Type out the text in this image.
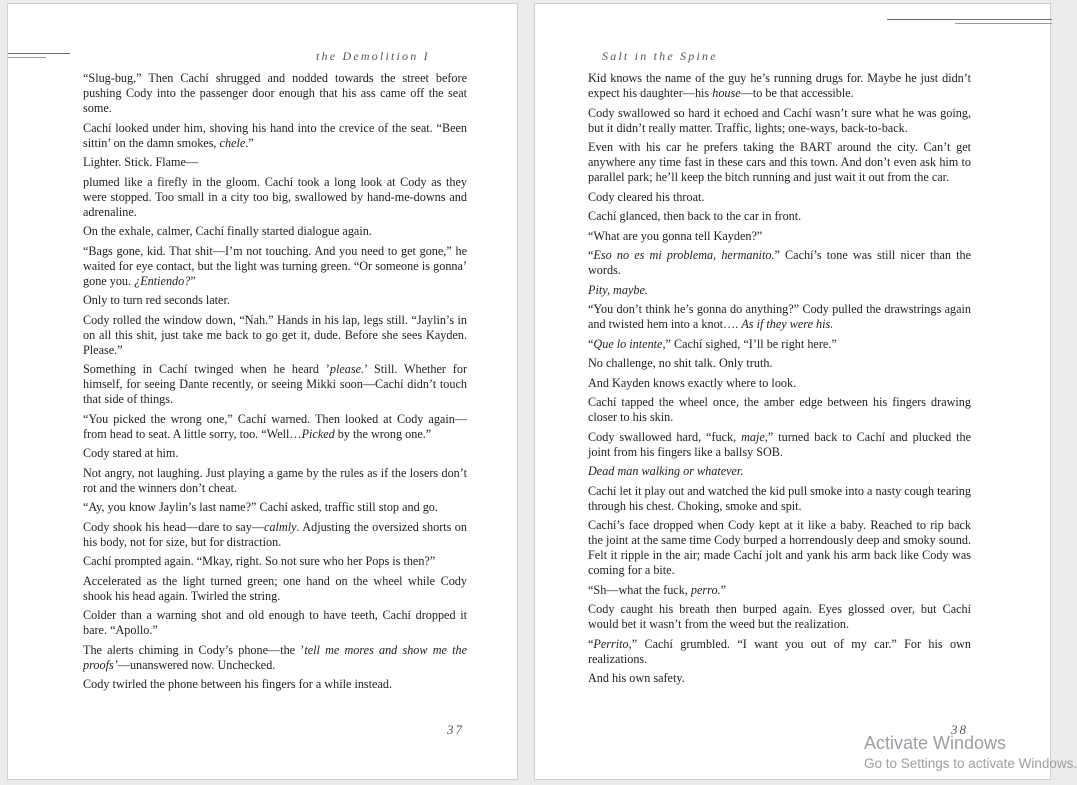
the Demolition I

“Slug-bug,” Then Cachí shrugged and nodded towards the street before pushing Cody into the passenger door enough that his ass came off the seat some.

Cachí looked under him, shoving his hand into the crevice of the seat. “Been sittin’ on the damn smokes, chele.”

Lighter. Stick. Flame—

plumed like a firefly in the gloom. Cachí took a long look at Cody as they were stopped. Too small in a city too big, swallowed by hand-me-downs and adrenaline.

On the exhale, calmer, Cachí finally started dialogue again.

“Bags gone, kid. That shit—I’m not touching. And you need to get gone,” he waited for eye contact, but the light was turning green. “Or someone is gonna’ gone you. ¿Entiendo?”

Only to turn red seconds later.

Cody rolled the window down, “Nah.” Hands in his lap, legs still. “Jaylin’s in on all this shit, just take me back to go get it, dude. Before she sees Kayden. Please.”

Something in Cachí twinged when he heard ’please.’ Still. Whether for himself, for seeing Dante recently, or seeing Mikki soon—Cachí didn’t touch that side of things.

“You picked the wrong one,” Cachí warned. Then looked at Cody again—from head to seat. A little sorry, too. “Well…Picked by the wrong one.”

Cody stared at him.

Not angry, not laughing. Just playing a game by the rules as if the losers don’t rot and the winners don’t cheat.

“Ay, you know Jaylin’s last name?” Cachí asked, traffic still stop and go.

Cody shook his head—dare to say—calmly. Adjusting the oversized shorts on his body, not for size, but for distraction.

Cachí prompted again. “Mkay, right. So not sure who her Pops is then?”

Accelerated as the light turned green; one hand on the wheel while Cody shook his head again. Twirled the string.

Colder than a warning shot and old enough to have teeth, Cachí dropped it bare. “Apollo.”

The alerts chiming in Cody’s phone—the ’tell me mores and show me the proofs’—unanswered now. Unchecked.

Cody twirled the phone between his fingers for a while instead.

37
Salt in the Spine

Kid knows the name of the guy he’s running drugs for. Maybe he just didn’t expect his daughter—his house—to be that accessible.

Cody swallowed so hard it echoed and Cachí wasn’t sure what he was going, but it didn’t really matter. Traffic, lights; one-ways, back-to-back.

Even with his car he prefers taking the BART around the city. Can’t get anywhere any time fast in these cars and this town. And don’t even ask him to parallel park; he’ll keep the bitch running and just wait it out from the car.

Cody cleared his throat.

Cachí glanced, then back to the car in front.

“What are you gonna tell Kayden?”

“Eso no es mi problema, hermanito.” Cachí’s tone was still nicer than the words.

Pity, maybe.

“You don’t think he’s gonna do anything?” Cody pulled the drawstrings again and twisted hem into a knot…. As if they were his.

“Que lo intente,” Cachí sighed, “I’ll be right here.”

No challenge, no shit talk. Only truth.

And Kayden knows exactly where to look.

Cachí tapped the wheel once, the amber edge between his fingers drawing closer to his skin.

Cody swallowed hard, “fuck, maje,” turned back to Cachí and plucked the joint from his fingers like a ballsy SOB.

Dead man walking or whatever.

Cachí let it play out and watched the kid pull smoke into a nasty cough tearing through his chest. Choking, smoke and spit.

Cachí’s face dropped when Cody kept at it like a baby. Reached to rip back the joint at the same time Cody burped a horrendously deep and smoky sound. Felt it ripple in the air; made Cachí jolt and yank his arm back like Cody was coming for a bite.

“Sh—what the fuck, perro.”

Cody caught his breath then burped again. Eyes glossed over, but Cachí would bet it wasn’t from the weed but the realization.

“Perrito,” Cachí grumbled. “I want you out of my car.” For his own realizations.

And his own safety.

38
Activate Windows
Go to Settings to activate Windows.
